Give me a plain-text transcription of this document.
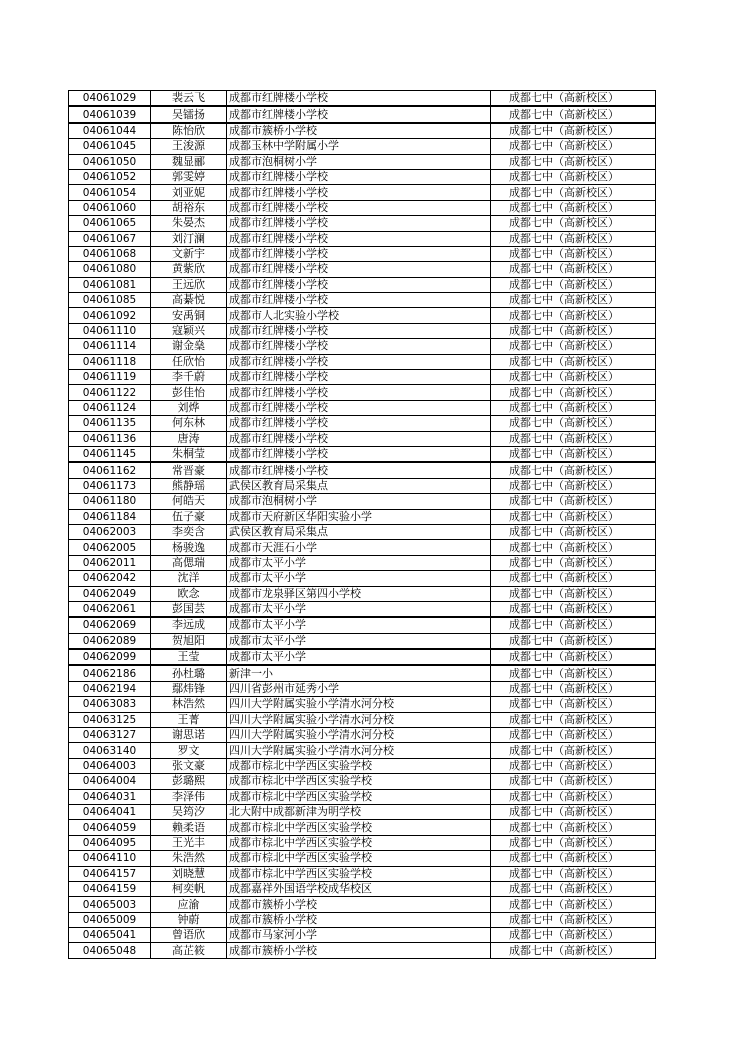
04061029	裴云飞	成都市红牌楼小学校	成都七中（高新校区）
04061039	吴镭扬	成都市红牌楼小学校	成都七中（高新校区）
04061044	陈怡欣	成都市簇桥小学校	成都七中（高新校区）
04061045	王浚源	成都玉林中学附属小学	成都七中（高新校区）
04061050	魏显郦	成都市泡桐树小学	成都七中（高新校区）
04061052	郭雯婷	成都市红牌楼小学校	成都七中（高新校区）
04061054	刘亚妮	成都市红牌楼小学校	成都七中（高新校区）
04061060	胡裕东	成都市红牌楼小学校	成都七中（高新校区）
04061065	朱晏杰	成都市红牌楼小学校	成都七中（高新校区）
04061067	刘汀澜	成都市红牌楼小学校	成都七中（高新校区）
04061068	文新宇	成都市红牌楼小学校	成都七中（高新校区）
04061080	黄紫欣	成都市红牌楼小学校	成都七中（高新校区）
04061081	王远欣	成都市红牌楼小学校	成都七中（高新校区）
04061085	高綦悦	成都市红牌楼小学校	成都七中（高新校区）
04061092	安禹铜	成都市人北实验小学校	成都七中（高新校区）
04061110	寇颖兴	成都市红牌楼小学校	成都七中（高新校区）
04061114	谢金燊	成都市红牌楼小学校	成都七中（高新校区）
04061118	任欣怡	成都市红牌楼小学校	成都七中（高新校区）
04061119	李千蔚	成都市红牌楼小学校	成都七中（高新校区）
04061122	彭佳怡	成都市红牌楼小学校	成都七中（高新校区）
04061124	刘烨	成都市红牌楼小学校	成都七中（高新校区）
04061135	何东林	成都市红牌楼小学校	成都七中（高新校区）
04061136	唐涛	成都市红牌楼小学校	成都七中（高新校区）
04061145	朱桐莹	成都市红牌楼小学校	成都七中（高新校区）
04061162	常晋豪	成都市红牌楼小学校	成都七中（高新校区）
04061173	熊静瑶	武侯区教育局采集点	成都七中（高新校区）
04061180	何皓天	成都市泡桐树小学	成都七中（高新校区）
04061184	伍子豪	成都市天府新区华阳实验小学	成都七中（高新校区）
04062003	李奕含	武侯区教育局采集点	成都七中（高新校区）
04062005	杨骏逸	成都市天涯石小学	成都七中（高新校区）
04062011	高偲瑞	成都市太平小学	成都七中（高新校区）
04062042	沈洋	成都市太平小学	成都七中（高新校区）
04062049	欧念	成都市龙泉驿区第四小学校	成都七中（高新校区）
04062061	彭国芸	成都市太平小学	成都七中（高新校区）
04062069	李远成	成都市太平小学	成都七中（高新校区）
04062089	贺旭阳	成都市太平小学	成都七中（高新校区）
04062099	王莹	成都市太平小学	成都七中（高新校区）
04062186	孙杜璐	新津一小	成都七中（高新校区）
04062194	鄢炜锋	四川省彭州市延秀小学	成都七中（高新校区）
04063083	林浩然	四川大学附属实验小学清水河分校	成都七中（高新校区）
04063125	王菁	四川大学附属实验小学清水河分校	成都七中（高新校区）
04063127	谢思诺	四川大学附属实验小学清水河分校	成都七中（高新校区）
04063140	罗文	四川大学附属实验小学清水河分校	成都七中（高新校区）
04064003	张文豪	成都市棕北中学西区实验学校	成都七中（高新校区）
04064004	彭璐熙	成都市棕北中学西区实验学校	成都七中（高新校区）
04064031	李泽伟	成都市棕北中学西区实验学校	成都七中（高新校区）
04064041	吴筠汐	北大附中成都新津为明学校	成都七中（高新校区）
04064059	赖柔语	成都市棕北中学西区实验学校	成都七中（高新校区）
04064095	王光丰	成都市棕北中学西区实验学校	成都七中（高新校区）
04064110	朱浩然	成都市棕北中学西区实验学校	成都七中（高新校区）
04064157	刘晓慧	成都市棕北中学西区实验学校	成都七中（高新校区）
04064159	柯奕帆	成都嘉祥外国语学校成华校区	成都七中（高新校区）
04065003	应渝	成都市簇桥小学校	成都七中（高新校区）
04065009	钟蔚	成都市簇桥小学校	成都七中（高新校区）
04065041	曾语欣	成都市马家河小学	成都七中（高新校区）
04065048	高芷筱	成都市簇桥小学校	成都七中（高新校区）
